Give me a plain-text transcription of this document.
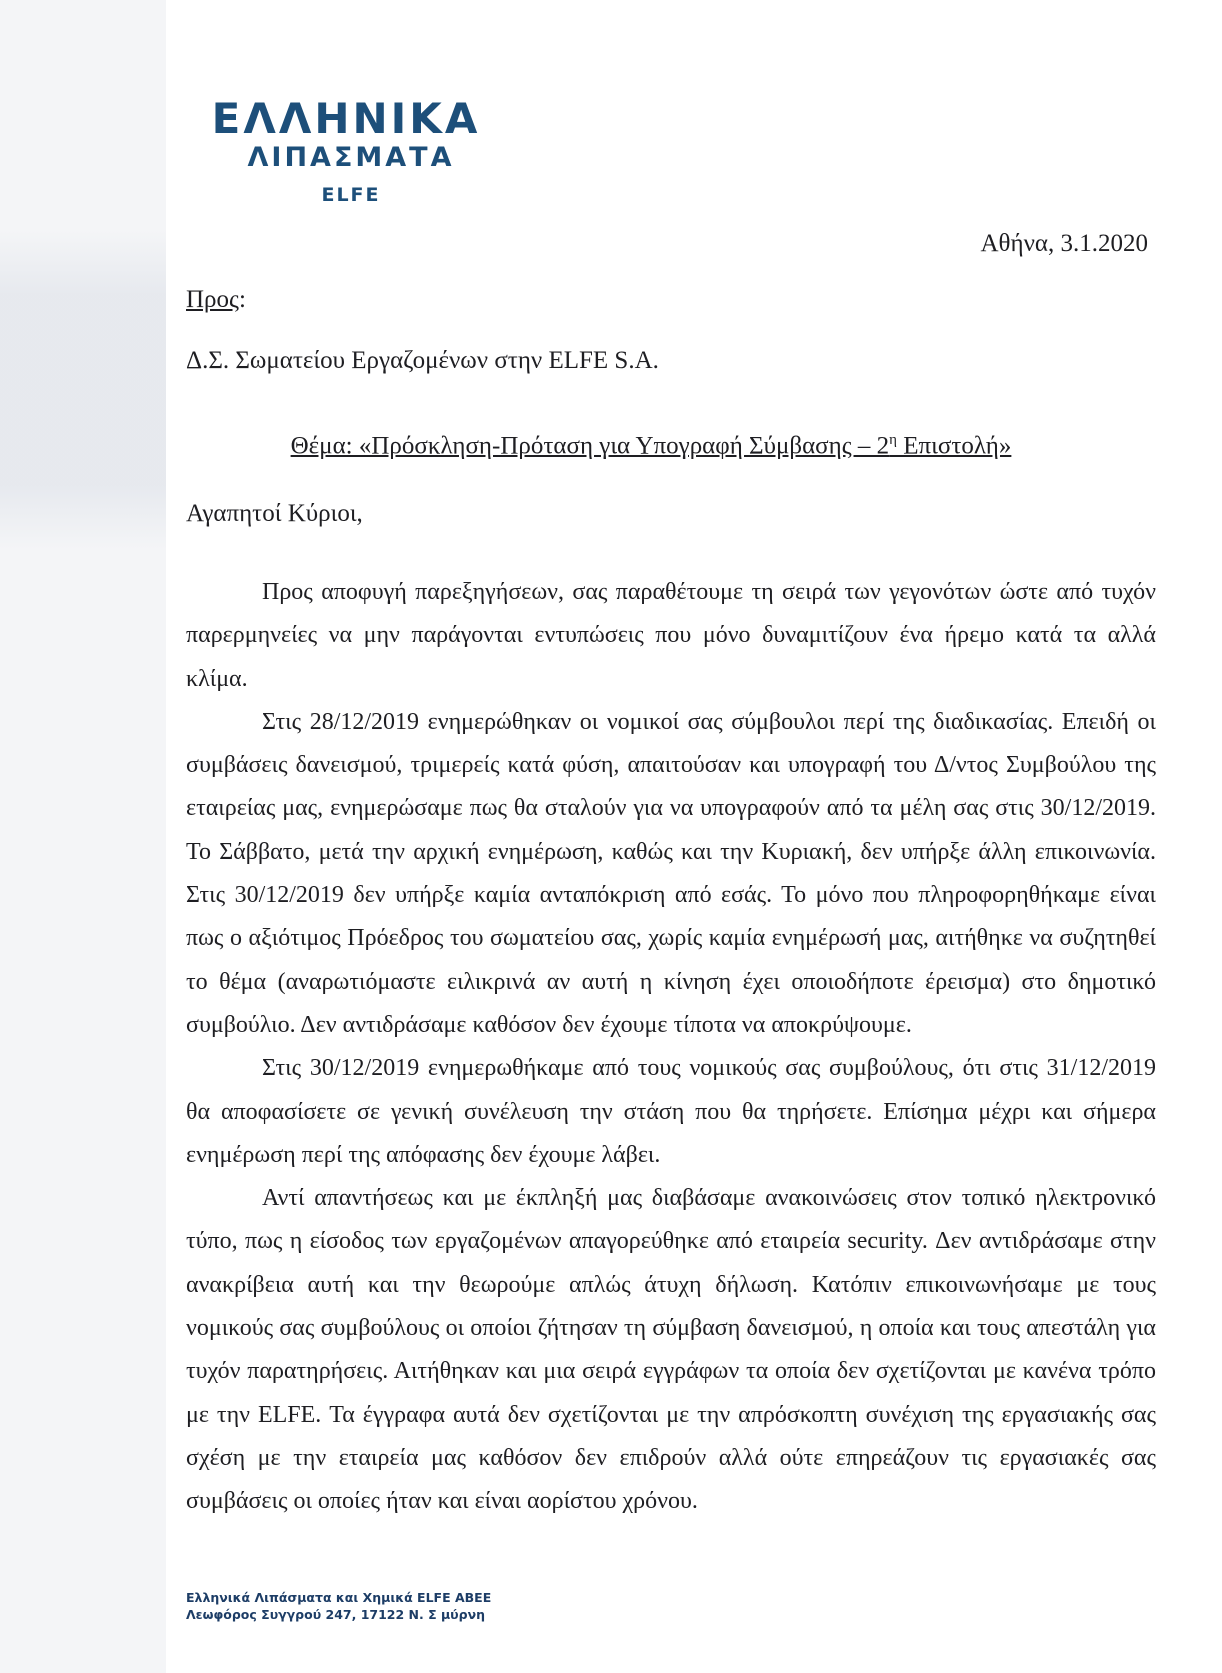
ΕΛΛΗΝΙΚΑ
ΛΙΠΑΣΜΑΤΑ
ELFE
Αθήνα, 3.1.2020
Προς:
Δ.Σ. Σωματείου Εργαζομένων στην ELFE S.A.
Θέμα: «Πρόσκληση-Πρόταση για Υπογραφή Σύμβασης – $2^\eta$ Επιστολή»
Αγαπητοί Κύριοι,

Προς αποφυγή παρεξηγήσεων, σας παραθέτουμε τη σειρά των γεγονότων ώστε από τυχόν παρερμηνείες να μην παράγονται εντυπώσεις που μόνο δυναμιτίζουν ένα ήρεμο κατά τα αλλά κλίμα.

Στις 28/12/2019 ενημερώθηκαν οι νομικοί σας σύμβουλοι περί της διαδικασίας. Επειδή οι συμβάσεις δανεισμού, τριμερείς κατά φύση, απαιτούσαν και υπογραφή του Δ/ντος Συμβούλου της εταιρείας μας, ενημερώσαμε πως θα σταλούν για να υπογραφούν από τα μέλη σας στις 30/12/2019. Το Σάββατο, μετά την αρχική ενημέρωση, καθώς και την Κυριακή, δεν υπήρξε άλλη επικοινωνία. Στις 30/12/2019 δεν υπήρξε καμία ανταπόκριση από εσάς. Το μόνο που πληροφορηθήκαμε είναι πως ο αξιότιμος Πρόεδρος του σωματείου σας, χωρίς καμία ενημέρωσή μας, αιτήθηκε να συζητηθεί το θέμα (αναρωτιόμαστε ειλικρινά αν αυτή η κίνηση έχει οποιοδήποτε έρεισμα) στο δημοτικό συμβούλιο. Δεν αντιδράσαμε καθόσον δεν έχουμε τίποτα να αποκρύψουμε.

Στις 30/12/2019 ενημερωθήκαμε από τους νομικούς σας συμβούλους, ότι στις 31/12/2019 θα αποφασίσετε σε γενική συνέλευση την στάση που θα τηρήσετε. Επίσημα μέχρι και σήμερα ενημέρωση περί της απόφασης δεν έχουμε λάβει.

Αντί απαντήσεως και με έκπληξή μας διαβάσαμε ανακοινώσεις στον τοπικό ηλεκτρονικό τύπο, πως η είσοδος των εργαζομένων απαγορεύθηκε από εταιρεία security. Δεν αντιδράσαμε στην ανακρίβεια αυτή και την θεωρούμε απλώς άτυχη δήλωση. Κατόπιν επικοινωνήσαμε με τους νομικούς σας συμβούλους οι οποίοι ζήτησαν τη σύμβαση δανεισμού, η οποία και τους απεστάλη για τυχόν παρατηρήσεις. Αιτήθηκαν και μια σειρά εγγράφων τα οποία δεν σχετίζονται με κανένα τρόπο με την ELFE. Τα έγγραφα αυτά δεν σχετίζονται με την απρόσκοπτη συνέχιση της εργασιακής σας σχέση με την εταιρεία μας καθόσον δεν επιδρούν αλλά ούτε επηρεάζουν τις εργασιακές σας συμβάσεις οι οποίες ήταν και είναι αορίστου χρόνου.

Ελληνικά Λιπάσματα και Χημικά ELFE ΑΒΕΕ
Λεωφόρος Συγγρού 247, 17122 Ν. Σ μύρνη
